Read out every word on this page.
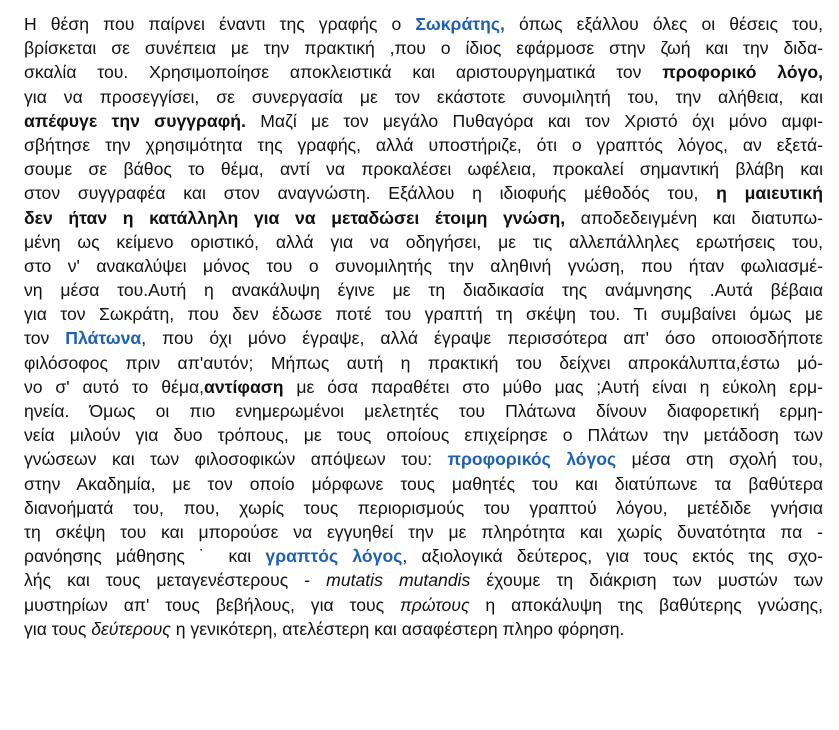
Η θέση που παίρνει έναντι της γραφής ο Σωκράτης, όπως εξάλλου όλες οι θέσεις του,
βρίσκεται σε συνέπεια με την πρακτική ,που ο ίδιος εφάρμοσε στην ζωή και την διδα-
σκαλία του. Χρησιμοποίησε αποκλειστικά και αριστουργηματικά τον προφορικό λόγο,
για να προσεγγίσει, σε συνεργασία με τον εκάστοτε συνομιλητή του, την αλήθεια, και
απέφυγε την συγγραφή. Μαζί με τον μεγάλο Πυθαγόρα και τον Χριστό όχι μόνο αμφι-
σβήτησε την χρησιμότητα της γραφής, αλλά υποστήριζε, ότι ο γραπτός λόγος, αν εξετά-
σουμε σε βάθος το θέμα, αντί να προκαλέσει ωφέλεια, προκαλεί σημαντική βλάβη και
στον συγγραφέα και στον αναγνώστη. Εξάλλου η ιδιοφυής μέθοδός του, η μαιευτική
δεν ήταν η κατάλληλη για να μεταδώσει έτοιμη γνώση, αποδεδειγμένη και διατυπω-
μένη ως κείμενο οριστικό, αλλά για να οδηγήσει, με τις αλλεπάλληλες ερωτήσεις του,
στο ν' ανακαλύψει μόνος του ο συνομιλητής την αληθινή γνώση, που ήταν φωλιασμέ-
νη μέσα του.Αυτή η ανακάλυψη έγινε με τη διαδικασία της ανάμνησης .Αυτά βέβαια
για τον Σωκράτη, που δεν έδωσε ποτέ του γραπτή τη σκέψη του. Τι συμβαίνει όμως με
τον Πλάτωνα, που όχι μόνο έγραψε, αλλά έγραψε περισσότερα απ' όσο οποιοσδήποτε
φιλόσοφος πριν απ'αυτόν; Μήπως αυτή η πρακτική του δείχνει απροκάλυπτα,έστω μό-
νο σ' αυτό το θέμα,αντίφαση με όσα παραθέτει στο μύθο μας ;Αυτή είναι η εύκολη ερμ-
ηνεία. Όμως οι πιο ενημερωμένοι μελετητές του Πλάτωνα δίνουν διαφορετική ερμη-
νεία μιλούν για δυο τρόπους, με τους οποίους επιχείρησε ο Πλάτων την μετάδοση των
γνώσεων και των φιλοσοφικών απόψεων του: προφορικός λόγος μέσα στη σχολή του,
στην Ακαδημία, με τον οποίο μόρφωνε τους μαθητές του και διατύπωνε τα βαθύτερα
διανοήματά του, που, χωρίς τους περιορισμούς του γραπτού λόγου, μετέδιδε γνήσια
τη σκέψη του και μπορούσε να εγγυηθεί την με πληρότητα και χωρίς δυνατότητα πα -
ρανόησης μάθησης ˙ και γραπτός λόγος, αξιολογικά δεύτερος, για τους εκτός της σχο-
λής και τους μεταγενέστερους - mutatis mutandis έχουμε τη διάκριση των μυστών των
μυστηρίων απ' τους βεβήλους, για τους πρώτους η αποκάλυψη της βαθύτερης γνώσης,
για τους δεύτερους η γενικότερη, ατελέστερη και ασαφέστερη πληρο φόρηση.
